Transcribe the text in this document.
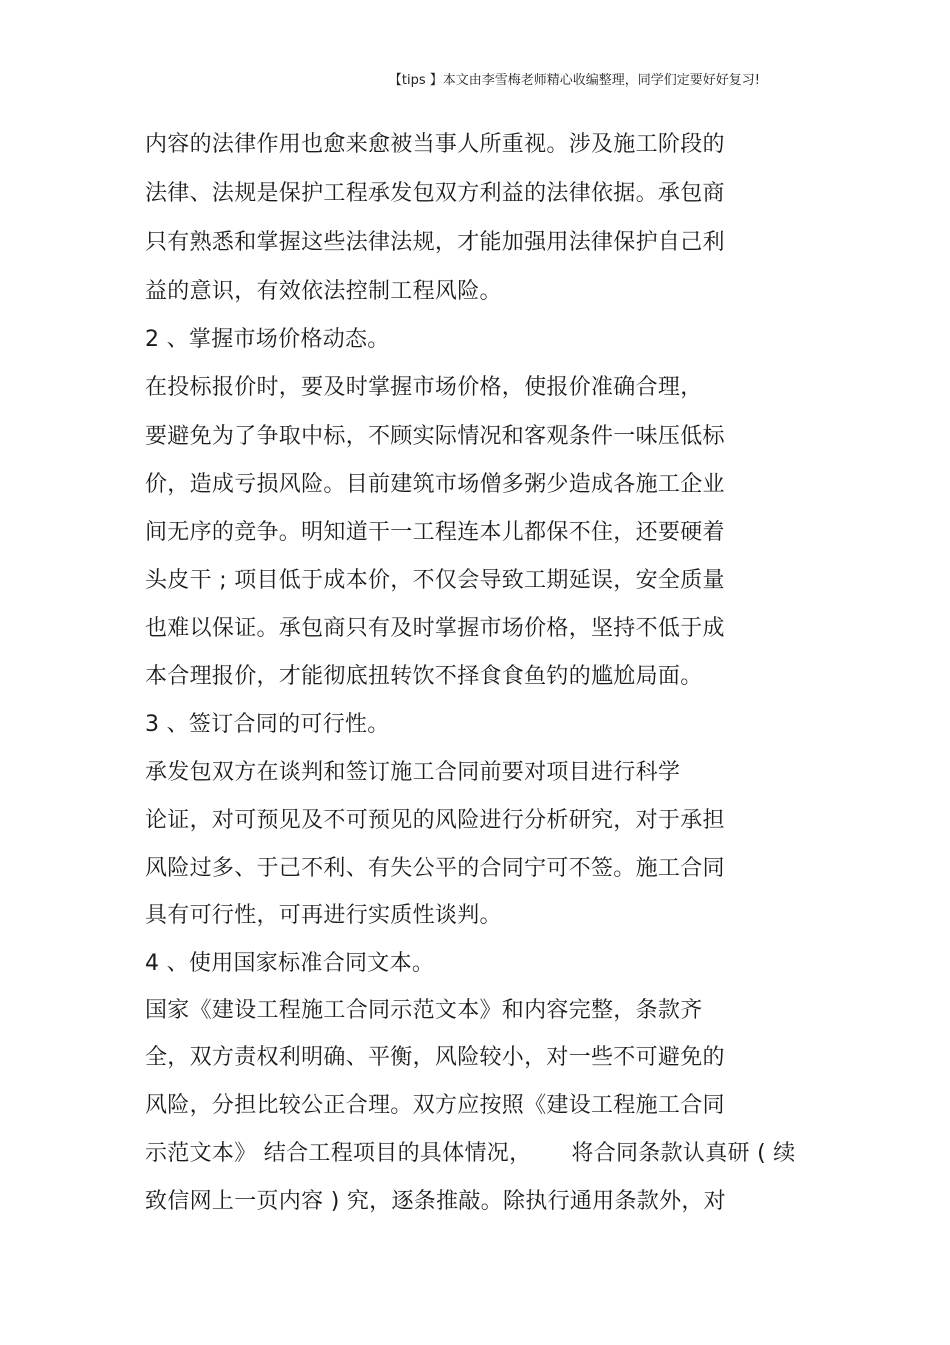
【tips 】本文由李雪梅老师精心收编整理，同学们定要好好复习!
内容的法律作用也愈来愈被当事人所重视。涉及施工阶段的
法律、法规是保护工程承发包双方利益的法律依据。承包商
只有熟悉和掌握这些法律法规，才能加强用法律保护自己利
益的意识，有效依法控制工程风险。
2 、掌握市场价格动态。
在投标报价时，要及时掌握市场价格，使报价准确合理，
要避免为了争取中标，不顾实际情况和客观条件一味压低标
价，造成亏损风险。目前建筑市场僧多粥少造成各施工企业
间无序的竞争。明知道干一工程连本儿都保不住，还要硬着
头皮干 ; 项目低于成本价，不仅会导致工期延误，安全质量
也难以保证。承包商只有及时掌握市场价格，坚持不低于成
本合理报价，才能彻底扭转饮不择食食鱼钓的尴尬局面。
3 、签订合同的可行性。
承发包双方在谈判和签订施工合同前要对项目进行科学
论证，对可预见及不可预见的风险进行分析研究，对于承担
风险过多、于己不利、有失公平的合同宁可不签。施工合同
具有可行性，可再进行实质性谈判。
4 、使用国家标准合同文本。
国家《建设工程施工合同示范文本》和内容完整，条款齐
全，双方责权利明确、平衡，风险较小，对一些不可避免的
风险，分担比较公正合理。双方应按照《建设工程施工合同
示范文本》 结合工程项目的具体情况， 将合同条款认真研 ( 续
致信网上一页内容 ) 究，逐条推敲。除执行通用条款外，对
